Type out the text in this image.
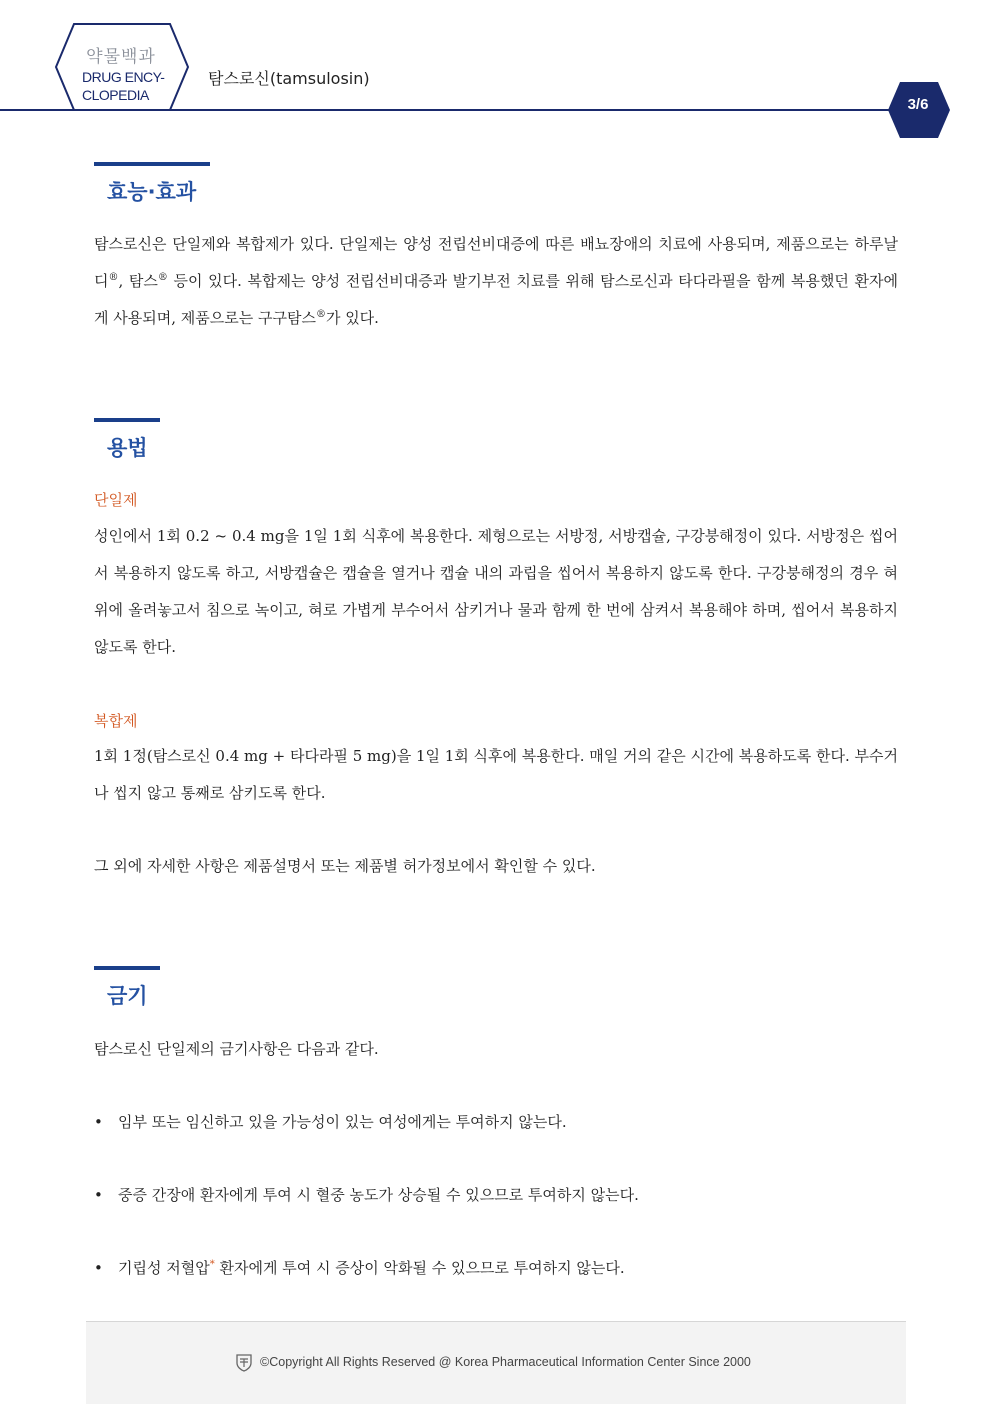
약물백과
DRUG ENCY-
CLOPEDIA
탐스로신(tamsulosin)
3/6
효능·효과
탐스로신은 단일제와 복합제가 있다. 단일제는 양성 전립선비대증에 따른 배뇨장애의 치료에 사용되며, 제품으로는 하루날디®, 탐스® 등이 있다. 복합제는 양성 전립선비대증과 발기부전 치료를 위해 탐스로신과 타다라필을 함께 복용했던 환자에게 사용되며, 제품으로는 구구탐스®가 있다.
용법
단일제
성인에서 1회 0.2 ~ 0.4 mg을 1일 1회 식후에 복용한다. 제형으로는 서방정, 서방캡슐, 구강붕해정이 있다. 서방정은 씹어서 복용하지 않도록 하고, 서방캡슐은 캡슐을 열거나 캡슐 내의 과립을 씹어서 복용하지 않도록 한다. 구강붕해정의 경우 혀 위에 올려놓고서 침으로 녹이고, 혀로 가볍게 부수어서 삼키거나 물과 함께 한 번에 삼켜서 복용해야 하며, 씹어서 복용하지 않도록 한다.
복합제
1회 1정(탐스로신 0.4 mg + 타다라필 5 mg)을 1일 1회 식후에 복용한다. 매일 거의 같은 시간에 복용하도록 한다. 부수거나 씹지 않고 통째로 삼키도록 한다.
그 외에 자세한 사항은 제품설명서 또는 제품별 허가정보에서 확인할 수 있다.
금기
탐스로신 단일제의 금기사항은 다음과 같다.
• 임부 또는 임신하고 있을 가능성이 있는 여성에게는 투여하지 않는다.
• 중증 간장애 환자에게 투여 시 혈중 농도가 상승될 수 있으므로 투여하지 않는다.
• 기립성 저혈압* 환자에게 투여 시 증상이 악화될 수 있으므로 투여하지 않는다.
©Copyright All Rights Reserved @ Korea Pharmaceutical Information Center Since 2000
